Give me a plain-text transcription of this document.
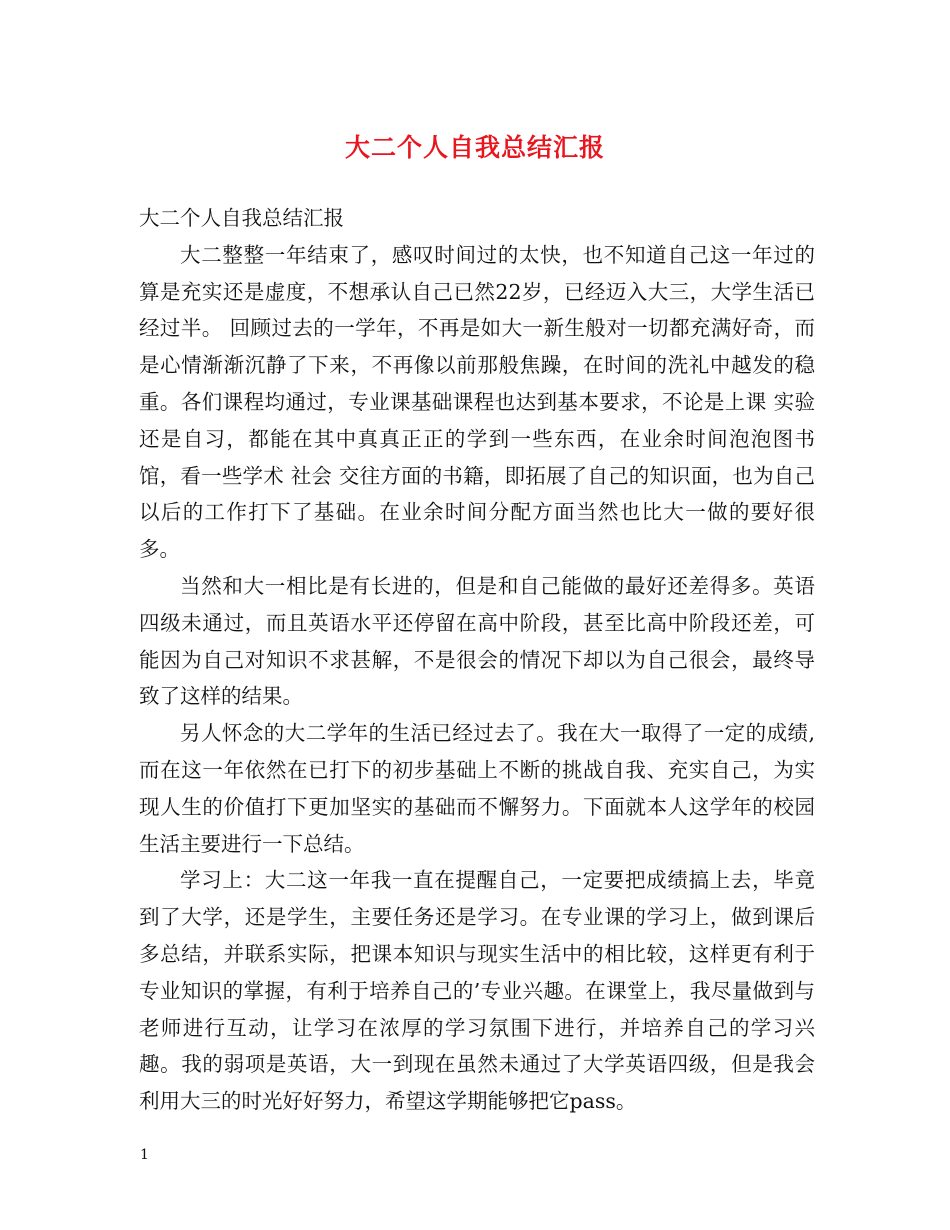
大二个人自我总结汇报

大二个人自我总结汇报

大二整整一年结束了，感叹时间过的太快，也不知道自己这一年过的算是充实还是虚度，不想承认自己已然22岁，已经迈入大三，大学生活已经过半。 回顾过去的一学年，不再是如大一新生般对一切都充满好奇，而是心情渐渐沉静了下来，不再像以前那般焦躁，在时间的洗礼中越发的稳重。各们课程均通过，专业课基础课程也达到基本要求，不论是上课 实验还是自习，都能在其中真真正正的学到一些东西，在业余时间泡泡图书馆，看一些学术 社会 交往方面的书籍，即拓展了自己的知识面，也为自己以后的工作打下了基础。在业余时间分配方面当然也比大一做的要好很多。

当然和大一相比是有长进的，但是和自己能做的最好还差得多。英语四级未通过，而且英语水平还停留在高中阶段，甚至比高中阶段还差，可能因为自己对知识不求甚解，不是很会的情况下却以为自己很会，最终导致了这样的结果。

另人怀念的大二学年的生活已经过去了。我在大一取得了一定的成绩,而在这一年依然在已打下的初步基础上不断的挑战自我、充实自己，为实现人生的价值打下更加坚实的基础而不懈努力。下面就本人这学年的校园生活主要进行一下总结。

学习上：大二这一年我一直在提醒自己，一定要把成绩搞上去，毕竟到了大学，还是学生，主要任务还是学习。在专业课的学习上，做到课后多总结，并联系实际，把课本知识与现实生活中的相比较，这样更有利于专业知识的掌握，有利于培养自己的’专业兴趣。在课堂上，我尽量做到与老师进行互动，让学习在浓厚的学习氛围下进行，并培养自己的学习兴趣。我的弱项是英语，大一到现在虽然未通过了大学英语四级，但是我会利用大三的时光好好努力，希望这学期能够把它pass。

1
